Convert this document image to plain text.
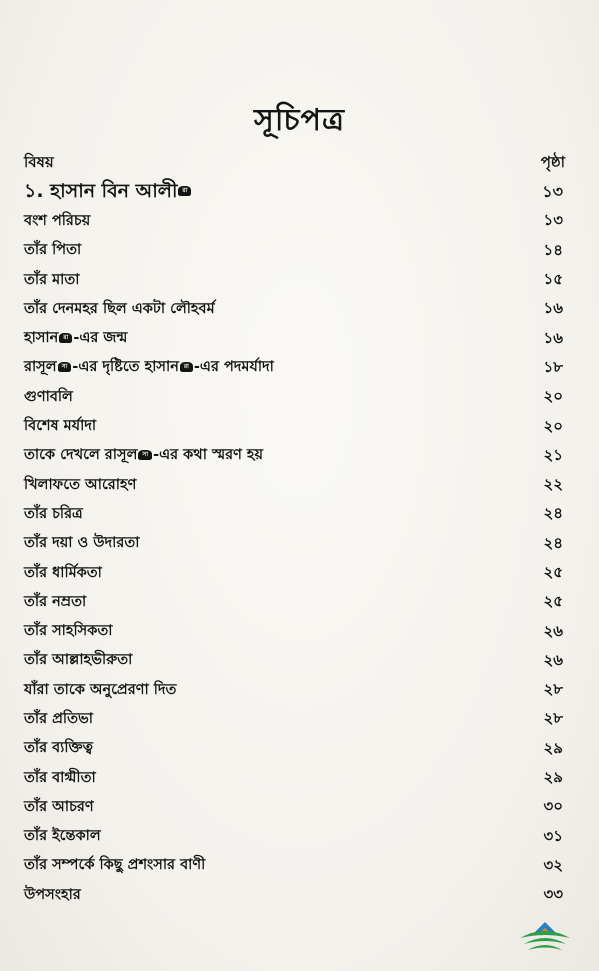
সূচিপত্র
বিষয়	পৃষ্ঠা
১. হাসান বিন আলী রা	১৩
বংশ পরিচয়	১৩
তাঁর পিতা	১৪
তাঁর মাতা	১৫
তাঁর দেনমহর ছিল একটা লৌহবর্ম	১৬
হাসান রা -এর জন্ম	১৬
রাসূল সা -এর দৃষ্টিতে হাসান রা -এর পদমর্যাদা	১৮
গুণাবলি	২০
বিশেষ মর্যাদা	২০
তাকে দেখলে রাসূল সা -এর কথা স্মরণ হয়	২১
খিলাফতে আরোহণ	২২
তাঁর চরিত্র	২৪
তাঁর দয়া ও উদারতা	২৪
তাঁর ধার্মিকতা	২৫
তাঁর নম্রতা	২৫
তাঁর সাহসিকতা	২৬
তাঁর আল্লাহভীরুতা	২৬
যাঁরা তাকে অনুপ্রেরণা দিত	২৮
তাঁর প্রতিভা	২৮
তাঁর ব্যক্তিত্ব	২৯
তাঁর বাগ্মীতা	২৯
তাঁর আচরণ	৩০
তাঁর ইন্তেকাল	৩১
তাঁর সম্পর্কে কিছু প্রশংসার বাণী	৩২
উপসংহার	৩৩
